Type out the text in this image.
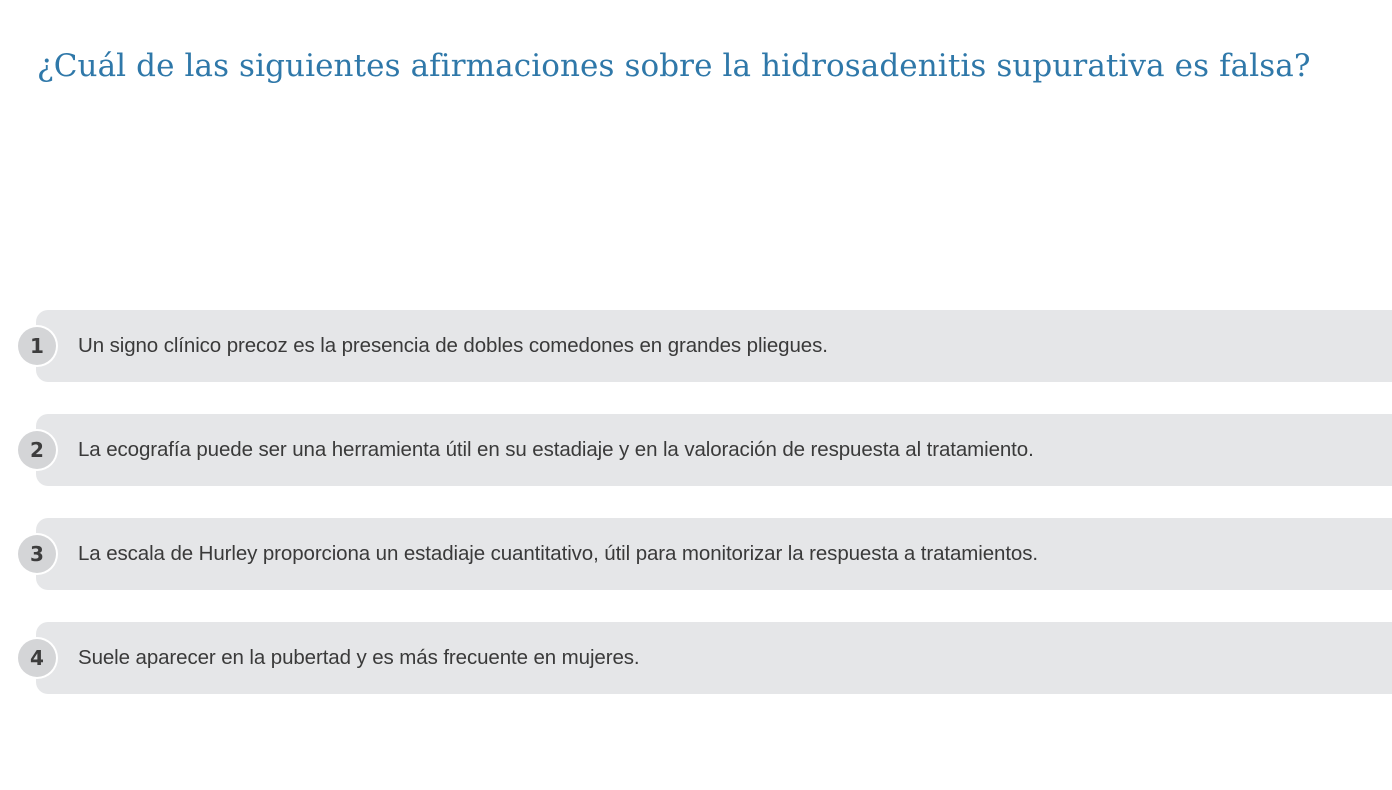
¿Cuál de las siguientes afirmaciones sobre la hidrosadenitis supurativa es falsa?
1	Un signo clínico precoz es la presencia de dobles comedones en grandes pliegues.
2	La ecografía puede ser una herramienta útil en su estadiaje y en la valoración de respuesta al tratamiento.
3	La escala de Hurley proporciona un estadiaje cuantitativo, útil para monitorizar la respuesta a tratamientos.
4	Suele aparecer en la pubertad y es más frecuente en mujeres.
